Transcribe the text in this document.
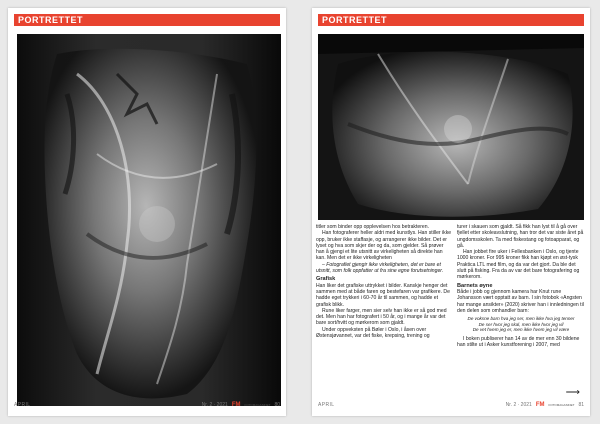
PORTRETTET
APRIL	Nr. 2 · 2021 FM FOTOMAGASINET 80
PORTRETTET

titler som binder opp opplevelsen hos betrakteren.

Han fotograferer heller aldri med kunstlys. Han stiller ikke opp, bruker ikke staffasje, og arrangerer ikke bilder. Det er lyset og hva som skjer der og da, som gjelder. Så prøver han å gjengi et lite utsnitt av virkeligheten så direkte han kan. Men det er ikke virkeligheten

– Fotografiet gjengir ikke virkeligheten, det er bare et utsnitt, som folk oppfatter ut fra sine egne forutsetninger.

Grafisk

Han liker det grafiske uttrykket i bilder. Kanskje henger det sammen med at både faren og bestefaren var grafikere. De hadde eget trykkeri i 60-70 år til sammen, og hadde et grafisk blikk.

Rune liker farger, men sier selv han ikke er så god med det. Men han har fotografert i 50 år, og i mange år var det bare sort/hvitt og mørkerom som gjaldt.

Under oppveksten på Bøler i Oslo, i åsen over Østensjøvannet, var det fiske, krepsing, trening og

turer i skauen som gjaldt. Så fikk han lyst til å gå over fjellet etter skoleavslutning, han tror det var siste året på ungdomsskolen. Ta med fiskestang og fotoapparat, og gå.

Han jobbet fire uker i Fellesbanken i Oslo, og tjente 1000 kroner. For 995 kroner fikk han kjøpt en øst-tysk Praktica LTL med film, og da var det gjort. Da ble det slutt på fisking. Fra da av var det bare fotografering og mørkerom.

Barnets øyne

Både i jobb og gjennom kamera har Knut rune Johansson vært opptatt av barn. I sin fotobok «Angsten har mange ansikter» (2020) skriver han i innledningen til den delen som omhandler barn:

De voksne barn hva jeg ser, men ikke hva jeg tenner
De ser hvor jeg skal, men ikke hvor jeg vil
De vet hvem jeg er, men ikke hvem jeg vil være

I boken publiserer han 14 av de mer enn 30 bildene han stilte ut i Asker kunstforening i 2007, med

⟶
APRIL	Nr. 2 · 2021 FM FOTOMAGASINET 81
